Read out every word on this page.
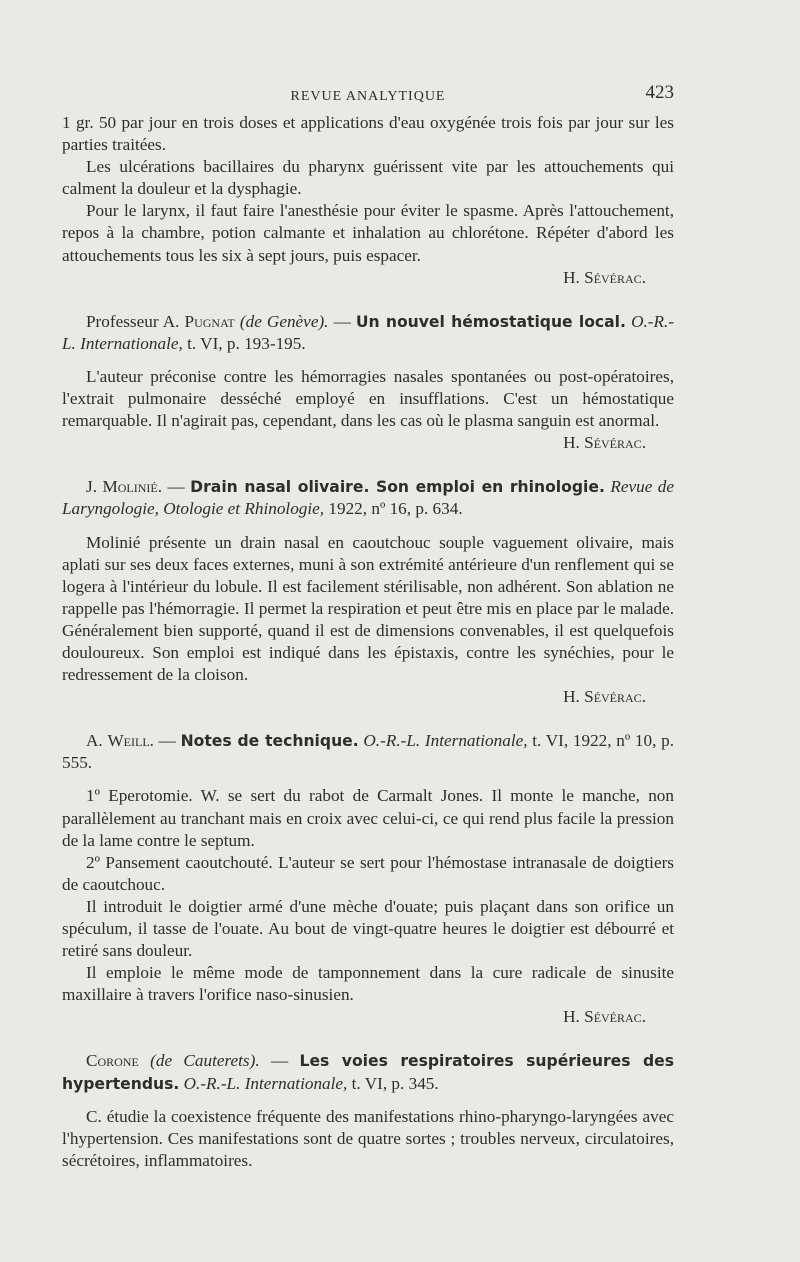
REVUE ANALYTIQUE	423

1 gr. 50 par jour en trois doses et applications d'eau oxygénée trois fois par jour sur les parties traitées.

Les ulcérations bacillaires du pharynx guérissent vite par les attouchements qui calment la douleur et la dysphagie.

Pour le larynx, il faut faire l'anesthésie pour éviter le spasme. Après l'attouchement, repos à la chambre, potion calmante et inhalation au chlorétone. Répéter d'abord les attouchements tous les six à sept jours, puis espacer.

H. Sévérac.

Professeur A. Pugnat (de Genève). — Un nouvel hémostatique local. O.-R.-L. Internationale, t. VI, p. 193-195.

L'auteur préconise contre les hémorragies nasales spontanées ou post-opératoires, l'extrait pulmonaire desséché employé en insufflations. C'est un hémostatique remarquable. Il n'agirait pas, cependant, dans les cas où le plasma sanguin est anormal.

H. Sévérac.

J. Molinié. — Drain nasal olivaire. Son emploi en rhinologie. Revue de Laryngologie, Otologie et Rhinologie, 1922, nº 16, p. 634.

Molinié présente un drain nasal en caoutchouc souple vaguement olivaire, mais aplati sur ses deux faces externes, muni à son extrémité antérieure d'un renflement qui se logera à l'intérieur du lobule. Il est facilement stérilisable, non adhérent. Son ablation ne rappelle pas l'hémorragie. Il permet la respiration et peut être mis en place par le malade. Généralement bien supporté, quand il est de dimensions convenables, il est quelquefois douloureux. Son emploi est indiqué dans les épistaxis, contre les synéchies, pour le redressement de la cloison.

H. Sévérac.

A. Weill. — Notes de technique. O.-R.-L. Internationale, t. VI, 1922, nº 10, p. 555.

1º Eperotomie. W. se sert du rabot de Carmalt Jones. Il monte le manche, non parallèlement au tranchant mais en croix avec celui-ci, ce qui rend plus facile la pression de la lame contre le septum.

2º Pansement caoutchouté. L'auteur se sert pour l'hémostase intranasale de doigtiers de caoutchouc.

Il introduit le doigtier armé d'une mèche d'ouate; puis plaçant dans son orifice un spéculum, il tasse de l'ouate. Au bout de vingt-quatre heures le doigtier est débourré et retiré sans douleur.

Il emploie le même mode de tamponnement dans la cure radicale de sinusite maxillaire à travers l'orifice naso-sinusien.

H. Sévérac.

Corone (de Cauterets). — Les voies respiratoires supérieures des hypertendus. O.-R.-L. Internationale, t. VI, p. 345.

C. étudie la coexistence fréquente des manifestations rhino-pharyngo-laryngées avec l'hypertension. Ces manifestations sont de quatre sortes ; troubles nerveux, circulatoires, sécrétoires, inflammatoires.
